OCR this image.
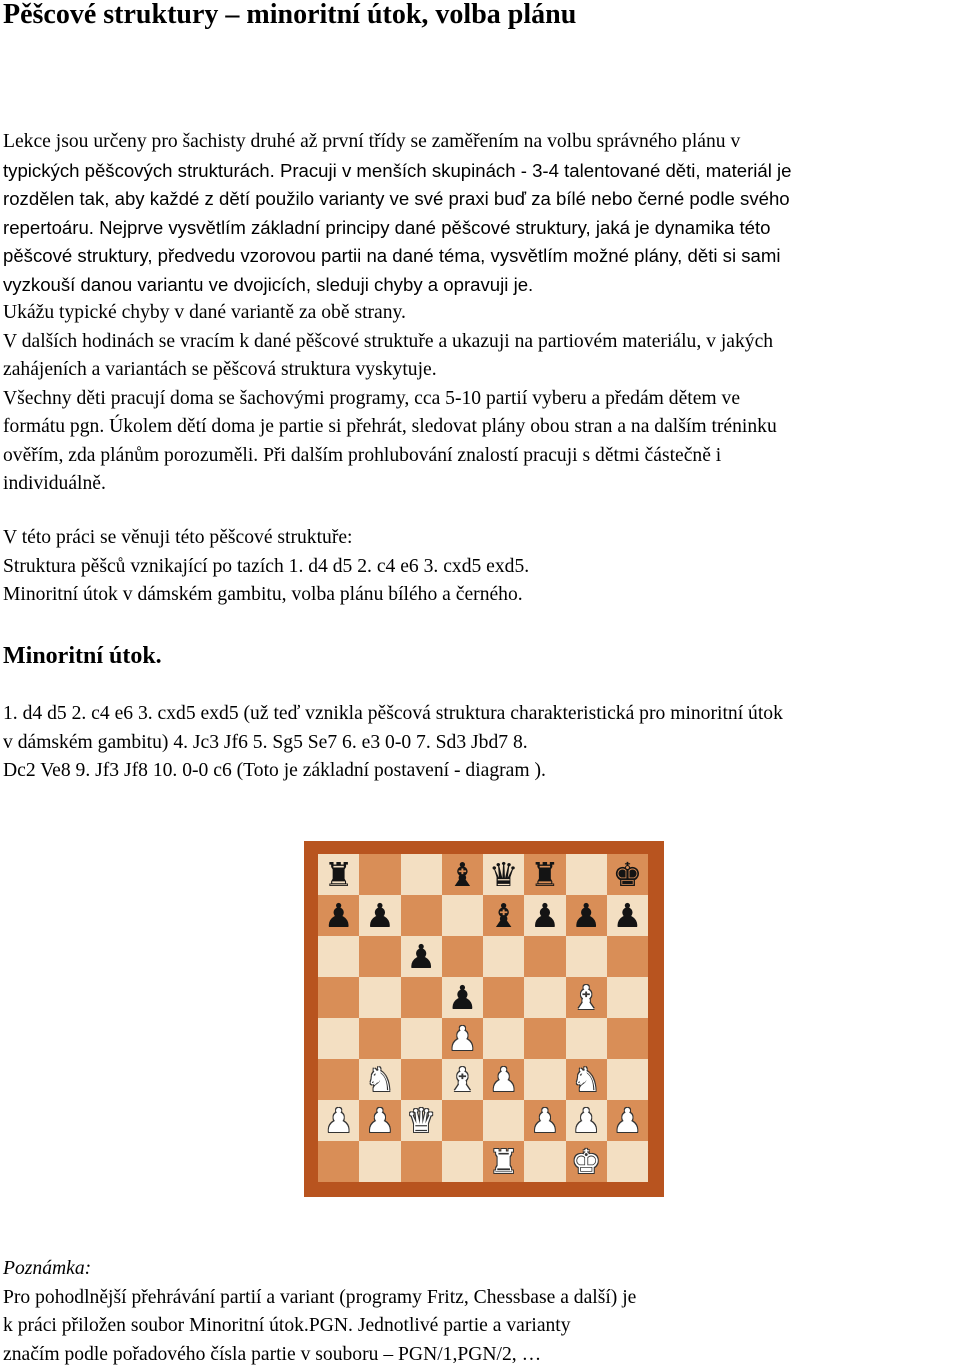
Pěšcové struktury – minoritní útok, volba plánu
Lekce jsou určeny pro šachisty druhé až první třídy se zaměřením na volbu správného plánu v
typických pěšcových strukturách. Pracuji v menších skupinách - 3-4 talentované děti, materiál je
rozdělen tak, aby každé z dětí použilo varianty ve své praxi buď za bílé nebo černé podle svého
repertoáru. Nejprve vysvětlím základní principy dané pěšcové struktury, jaká je dynamika této
pěšcové struktury, předvedu vzorovou partii na dané téma, vysvětlím možné plány, děti si sami
vyzkouší danou variantu ve dvojicích, sleduji chyby a opravuji je.
Ukážu typické chyby v dané variantě za obě strany.
V dalších hodinách se vracím k dané pěšcové struktuře a ukazuji na partiovém materiálu, v jakých
zahájeních a variantách se pěšcová struktura vyskytuje.
Všechny děti pracují doma se šachovými programy, cca 5-10 partií vyberu a předám dětem ve
formátu pgn. Úkolem dětí doma je partie si přehrát, sledovat plány obou stran a na dalším tréninku
ověřím, zda plánům porozuměli. Při dalším prohlubování znalostí pracuji s dětmi částečně i
individuálně.
V této práci se věnuji této pěšcové struktuře:
Struktura pěšců vznikající po tazích 1. d4 d5 2. c4 e6 3. cxd5 exd5.
Minoritní útok v dámském gambitu, volba plánu bílého a černého.
Minoritní útok.
1. d4 d5 2. c4 e6 3. cxd5 exd5 (už teď vznikla pěšcová struktura charakteristická pro minoritní útok
v dámském gambitu) 4. Jc3 Jf6 5. Sg5 Se7 6. e3 0-0 7. Sd3 Jbd7 8.
Dc2 Ve8 9. Jf3 Jf8 10. 0-0 c6 (Toto je základní postavení - diagram ).
♜	♝ ♛ ♜ ♚
♟ ♟	♝ ♟ ♟ ♟
♟
♟	♝
♟
♞ ♝ ♟ ♞
♟ ♟ ♛	♟ ♟ ♟
♜ ♚
Poznámka:
Pro pohodlnější přehrávání partií a variant (programy Fritz, Chessbase a další) je
k práci přiložen soubor Minoritní útok.PGN. Jednotlivé partie a varianty
značím podle pořadového čísla partie v souboru – PGN/1,PGN/2, …
